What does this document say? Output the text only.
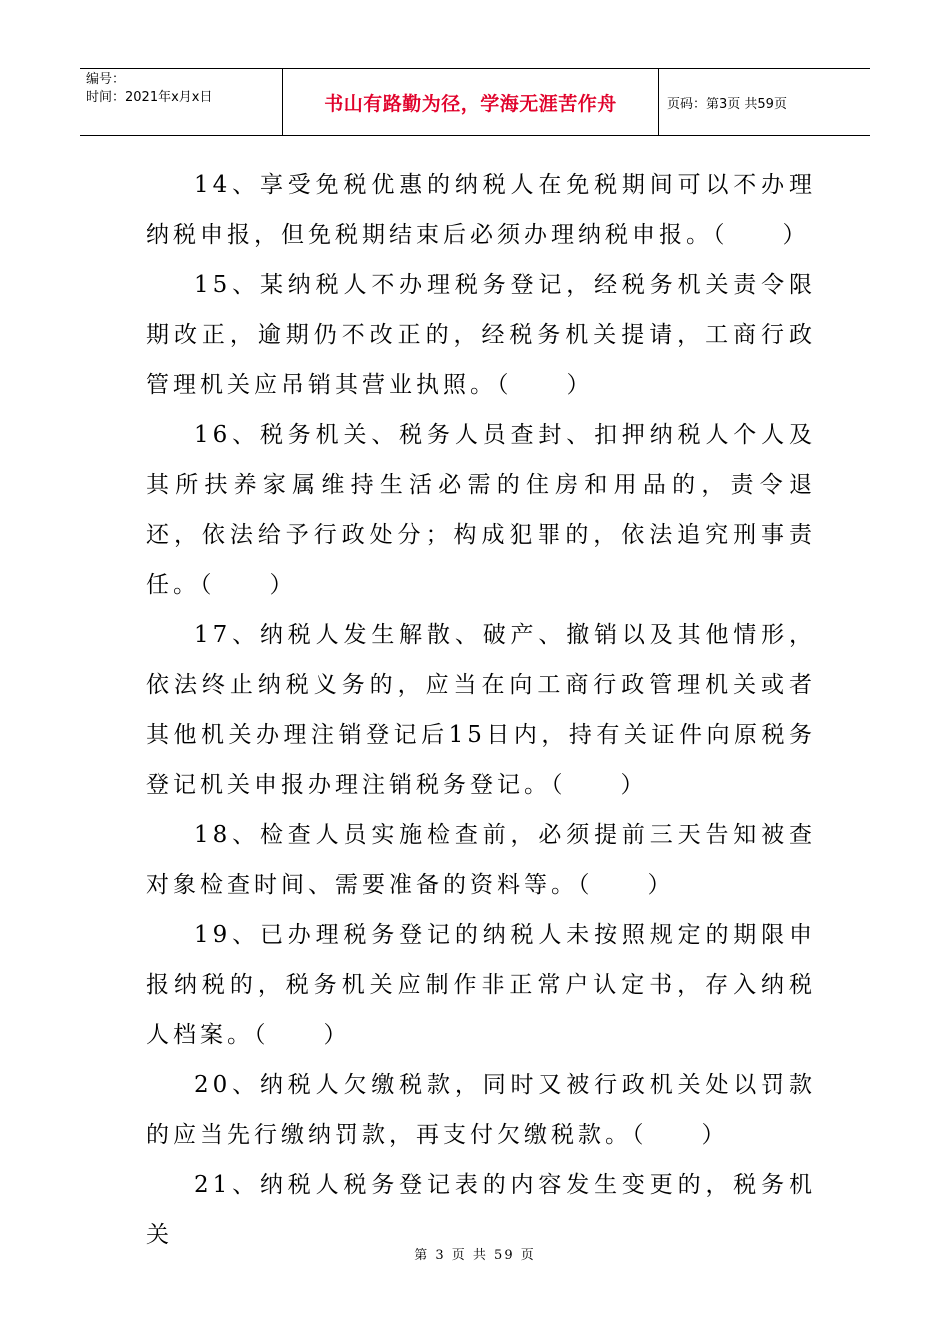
编号：
时间：2021年x月x日	书山有路勤为径，学海无涯苦作舟	页码：第3页 共59页

14、享受免税优惠的纳税人在免税期间可以不办理纳税申报，但免税期结束后必须办理纳税申报。（　　）

15、某纳税人不办理税务登记，经税务机关责令限期改正，逾期仍不改正的，经税务机关提请，工商行政管理机关应吊销其营业执照。（　　）

16、税务机关、税务人员查封、扣押纳税人个人及其所扶养家属维持生活必需的住房和用品的，责令退还，依法给予行政处分；构成犯罪的，依法追究刑事责任。（　　）

17、纳税人发生解散、破产、撤销以及其他情形，依法终止纳税义务的，应当在向工商行政管理机关或者其他机关办理注销登记后15日内，持有关证件向原税务登记机关申报办理注销税务登记。（　　）

18、检查人员实施检查前，必须提前三天告知被查对象检查时间、需要准备的资料等。（　　）

19、已办理税务登记的纳税人未按照规定的期限申报纳税的，税务机关应制作非正常户认定书，存入纳税人档案。（　　）

20、纳税人欠缴税款，同时又被行政机关处以罚款的应当先行缴纳罚款，再支付欠缴税款。（　　）

21、纳税人税务登记表的内容发生变更的，税务机关

第 3 页 共 59 页
